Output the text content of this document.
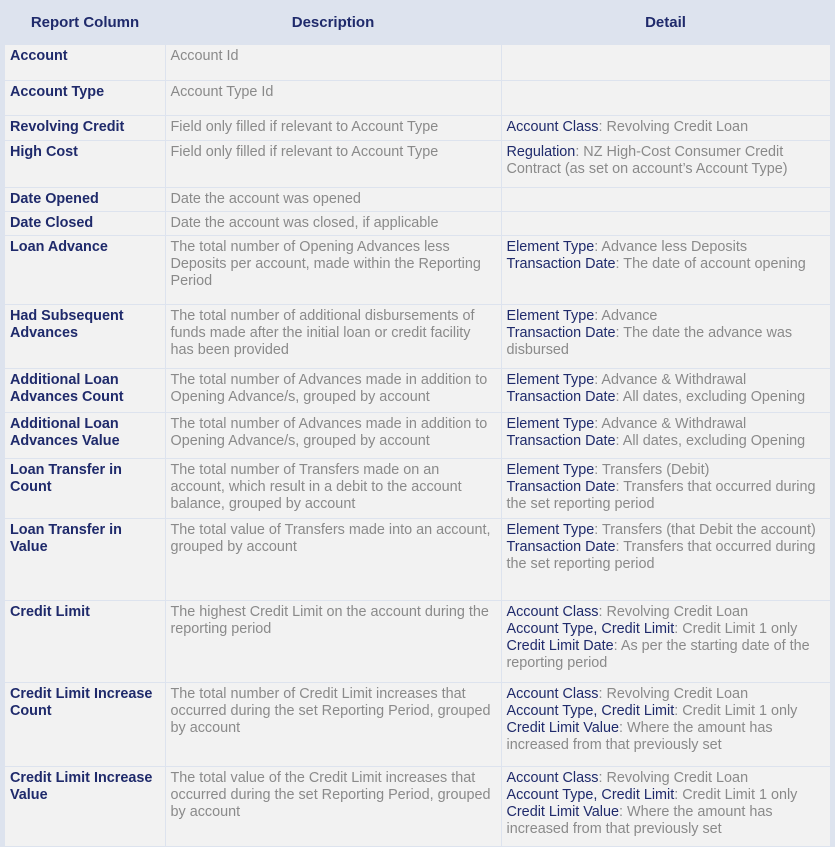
Report Column	Description	Detail
Account	Account Id	
Account Type	Account Type Id	
Revolving Credit	Field only filled if relevant to Account Type	Account Class: Revolving Credit Loan

High Cost	Field only filled if relevant to Account Type	Regulation: NZ High-Cost Consumer Credit Contract (as set on account’s Account Type)

Date Opened	Date the account was opened	
Date Closed	Date the account was closed, if applicable	
Loan Advance	The total number of Opening Advances less Deposits per account, made within the Reporting Period	Element Type: Advance less Deposits
Transaction Date: The date of account opening

Had Subsequent Advances	The total number of additional disbursements of funds made after the initial loan or credit facility has been provided	Element Type: Advance
Transaction Date: The date the advance was disbursed

Additional Loan Advances Count	The total number of Advances made in addition to Opening Advance/s, grouped by account	Element Type: Advance & Withdrawal
Transaction Date: All dates, excluding Opening

Additional Loan Advances Value	The total number of Advances made in addition to Opening Advance/s, grouped by account	Element Type: Advance & Withdrawal
Transaction Date: All dates, excluding Opening

Loan Transfer in Count	The total number of Transfers made on an account, which result in a debit to the account balance, grouped by account	Element Type: Transfers (Debit)
Transaction Date: Transfers that occurred during the set reporting period

Loan Transfer in Value	The total value of Transfers made into an account, grouped by account	Element Type: Transfers (that Debit the account)
Transaction Date: Transfers that occurred during the set reporting period

Credit Limit	The highest Credit Limit on the account during the reporting period	Account Class: Revolving Credit Loan
Account Type, Credit Limit: Credit Limit 1 only
Credit Limit Date: As per the starting date of the reporting period

Credit Limit Increase Count	The total number of Credit Limit increases that occurred during the set Reporting Period, grouped by account	Account Class: Revolving Credit Loan
Account Type, Credit Limit: Credit Limit 1 only
Credit Limit Value: Where the amount has increased from that previously set

Credit Limit Increase Value	The total value of the Credit Limit increases that occurred during the set Reporting Period, grouped by account	Account Class: Revolving Credit Loan
Account Type, Credit Limit: Credit Limit 1 only
Credit Limit Value: Where the amount has increased from that previously set
